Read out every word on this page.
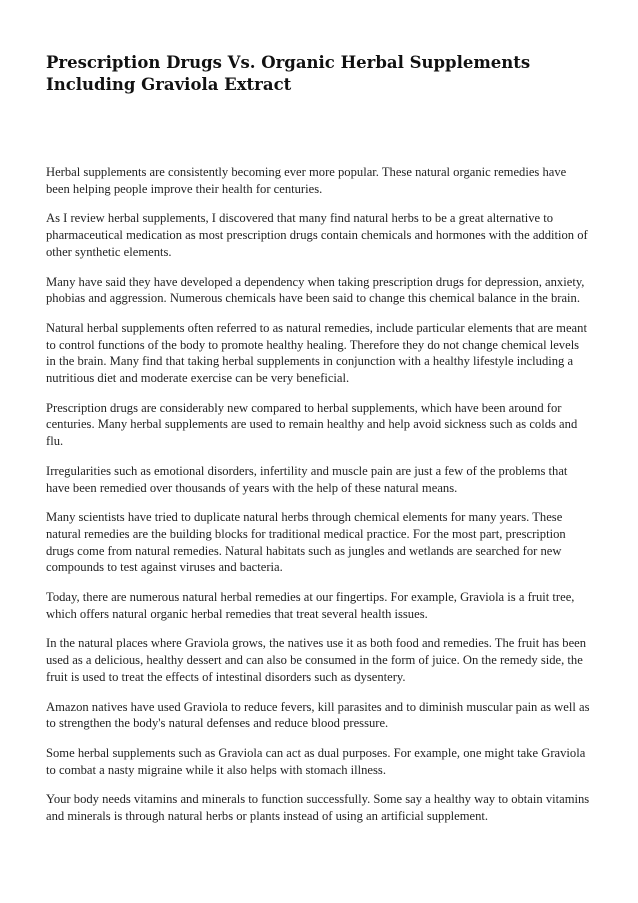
Prescription Drugs Vs. Organic Herbal Supplements
Including Graviola Extract

Herbal supplements are consistently becoming ever more popular. These natural organic remedies have been helping people improve their health for centuries.

As I review herbal supplements, I discovered that many find natural herbs to be a great alternative to pharmaceutical medication as most prescription drugs contain chemicals and hormones with the addition of other synthetic elements.

Many have said they have developed a dependency when taking prescription drugs for depression, anxiety, phobias and aggression. Numerous chemicals have been said to change this chemical balance in the brain.

Natural herbal supplements often referred to as natural remedies, include particular elements that are meant to control functions of the body to promote healthy healing. Therefore they do not change chemical levels in the brain. Many find that taking herbal supplements in conjunction with a healthy lifestyle including a nutritious diet and moderate exercise can be very beneficial.

Prescription drugs are considerably new compared to herbal supplements, which have been around for centuries. Many herbal supplements are used to remain healthy and help avoid sickness such as colds and flu.

Irregularities such as emotional disorders, infertility and muscle pain are just a few of the problems that have been remedied over thousands of years with the help of these natural means.

Many scientists have tried to duplicate natural herbs through chemical elements for many years. These natural remedies are the building blocks for traditional medical practice. For the most part, prescription drugs come from natural remedies. Natural habitats such as jungles and wetlands are searched for new compounds to test against viruses and bacteria.

Today, there are numerous natural herbal remedies at our fingertips. For example, Graviola is a fruit tree, which offers natural organic herbal remedies that treat several health issues.

In the natural places where Graviola grows, the natives use it as both food and remedies. The fruit has been used as a delicious, healthy dessert and can also be consumed in the form of juice. On the remedy side, the fruit is used to treat the effects of intestinal disorders such as dysentery.

Amazon natives have used Graviola to reduce fevers, kill parasites and to diminish muscular pain as well as to strengthen the body's natural defenses and reduce blood pressure.

Some herbal supplements such as Graviola can act as dual purposes. For example, one might take Graviola to combat a nasty migraine while it also helps with stomach illness.

Your body needs vitamins and minerals to function successfully. Some say a healthy way to obtain vitamins and minerals is through natural herbs or plants instead of using an artificial supplement.
